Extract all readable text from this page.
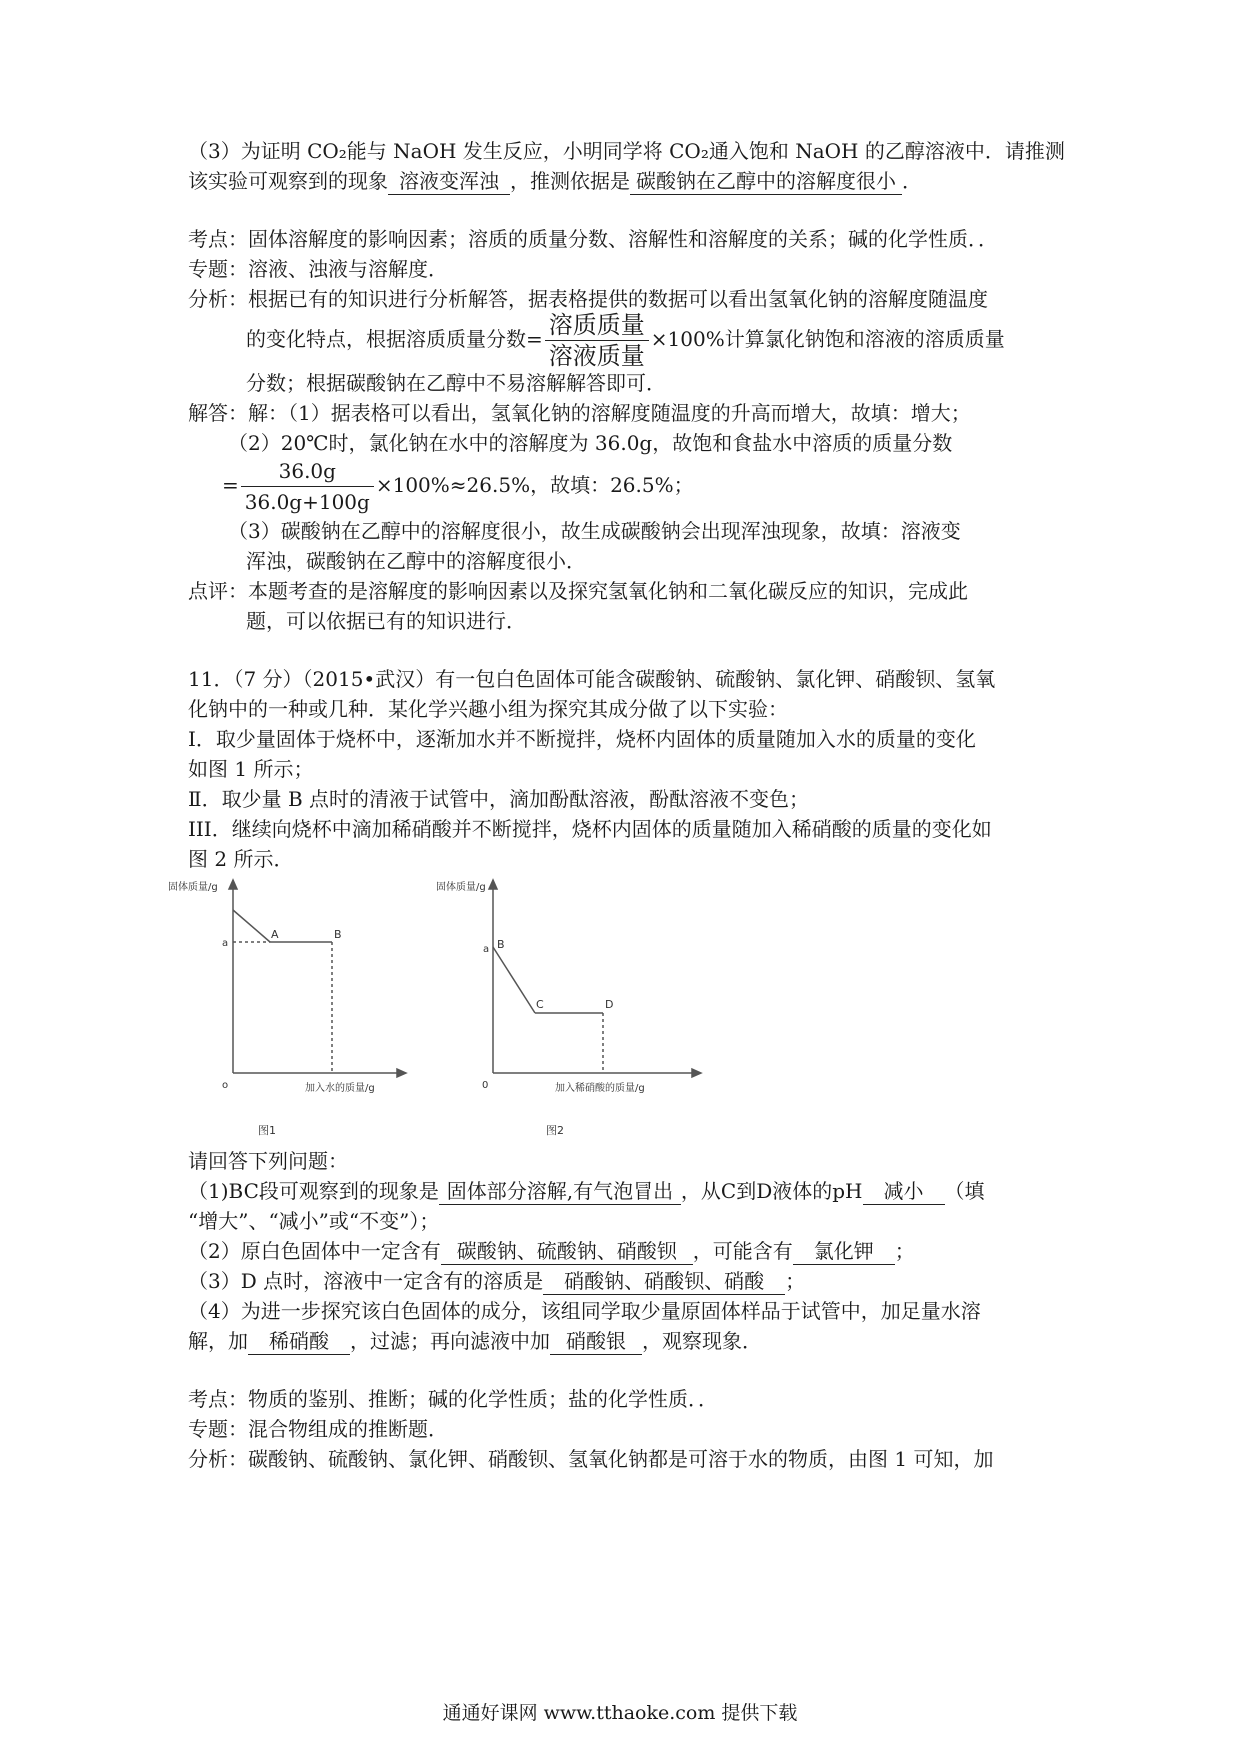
（3）为证明 CO₂能与 NaOH 发生反应，小明同学将 CO₂通入饱和 NaOH 的乙醇溶液中．请推测
该实验可观察到的现象 溶液变浑浊 ，推测依据是 碳酸钠在乙醇中的溶解度很小 ．
考点：固体溶解度的影响因素；溶质的质量分数、溶解性和溶解度的关系；碱的化学性质．．
专题：溶液、浊液与溶解度．
分析：根据已有的知识进行分析解答，据表格提供的数据可以看出氢氧化钠的溶解度随温度
的变化特点，根据溶质质量分数= $\frac{\text{溶质质量}}{\text{溶液质量}} \times 100\%$计算氯化钠饱和溶液的溶质质量
分数；根据碳酸钠在乙醇中不易溶解解答即可．
解答：解：（1）据表格可以看出，氢氧化钠的溶解度随温度的升高而增大，故填：增大；
（2）20℃时，氯化钠在水中的溶解度为 36.0g，故饱和食盐水中溶质的质量分数
= $\frac{36.0g}{36.0g+100g} \times 100\%\approx 26.5\%$，故填：26.5%；
（3）碳酸钠在乙醇中的溶解度很小，故生成碳酸钠会出现浑浊现象，故填：溶液变
浑浊，碳酸钠在乙醇中的溶解度很小．
点评：本题考查的是溶解度的影响因素以及探究氢氧化钠和二氧化碳反应的知识，完成此
题，可以依据已有的知识进行．
11．（7 分）（2015•武汉）有一包白色固体可能含碳酸钠、硫酸钠、氯化钾、硝酸钡、氢氧
化钠中的一种或几种．某化学兴趣小组为探究其成分做了以下实验：
Ⅰ．取少量固体于烧杯中，逐渐加水并不断搅拌，烧杯内固体的质量随加入水的质量的变化
如图 1 所示；
Ⅱ．取少量 B 点时的清液于试管中，滴加酚酞溶液，酚酞溶液不变色；
III．继续向烧杯中滴加稀硝酸并不断搅拌，烧杯内固体的质量随加入稀硝酸的质量的变化如
图 2 所示．
固体质量/g
加入水的质量/g
o
a
A	B
图1
固体质量/g
加入稀硝酸的质量/g
0
a B
C	D
图2
请回答下列问题：
（1)BC段可观察到的现象是 固体部分溶解,有气泡冒出 ，从C到D液体的pH 减小 （填
“增大”、“减小”或“不变”）；
（2）原白色固体中一定含有 碳酸钠、硫酸钠、硝酸钡 ，可能含有 氯化钾 ；
（3）D 点时，溶液中一定含有的溶质是 硝酸钠、硝酸钡、硝酸 ；
（4）为进一步探究该白色固体的成分，该组同学取少量原固体样品于试管中，加足量水溶
解，加 稀硝酸 ，过滤；再向滤液中加 硝酸银 ，观察现象．
考点：物质的鉴别、推断；碱的化学性质；盐的化学性质．．
专题：混合物组成的推断题．
分析：碳酸钠、硫酸钠、氯化钾、硝酸钡、氢氧化钠都是可溶于水的物质，由图 1 可知，加
通通好课网 www.tthaoke.com 提供下载
